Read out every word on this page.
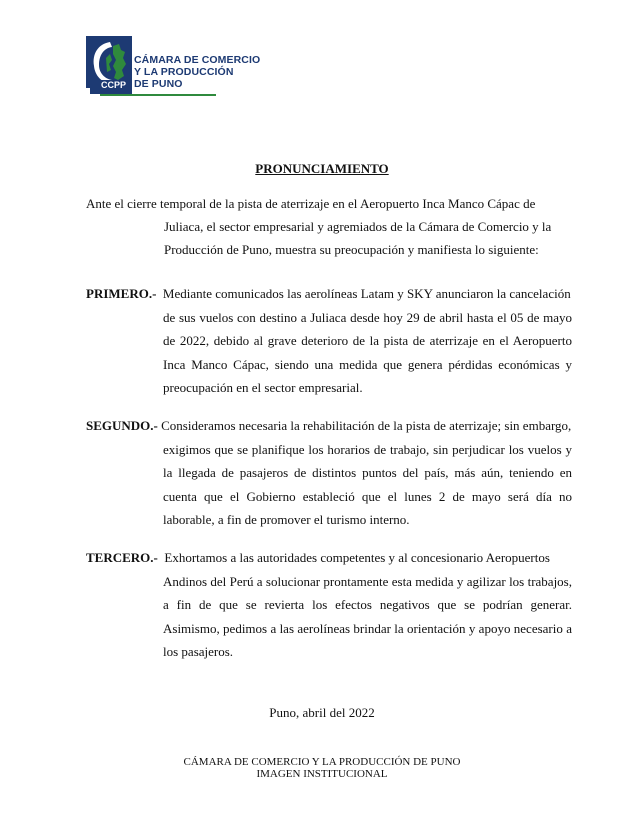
CÁMARA DE COMERCIO
Y LA PRODUCCIÓN
DE PUNO
CCPP
PRONUNCIAMIENTO
Ante el cierre temporal de la pista de aterrizaje en el Aeropuerto Inca Manco Cápac de
Juliaca, el sector empresarial y agremiados de la Cámara de Comercio y la Producción de Puno, muestra su preocupación y manifiesta lo siguiente:
PRIMERO.- Mediante comunicados las aerolíneas Latam y SKY anunciaron la cancelación
de sus vuelos con destino a Juliaca desde hoy 29 de abril hasta el 05 de mayo de 2022, debido al grave deterioro de la pista de aterrizaje en el Aeropuerto Inca Manco Cápac, siendo una medida que genera pérdidas económicas y preocupación en el sector empresarial.
SEGUNDO.- Consideramos necesaria la rehabilitación de la pista de aterrizaje; sin embargo,
exigimos que se planifique los horarios de trabajo, sin perjudicar los vuelos y la llegada de pasajeros de distintos puntos del país, más aún, teniendo en cuenta que el Gobierno estableció que el lunes 2 de mayo será día no laborable, a fin de promover el turismo interno.
TERCERO.- Exhortamos a las autoridades competentes y al concesionario Aeropuertos
Andinos del Perú a solucionar prontamente esta medida y agilizar los trabajos, a fin de que se revierta los efectos negativos que se podrían generar. Asimismo, pedimos a las aerolíneas brindar la orientación y apoyo necesario a los pasajeros.
Puno, abril del 2022
CÁMARA DE COMERCIO Y LA PRODUCCIÓN DE PUNO
IMAGEN INSTITUCIONAL
